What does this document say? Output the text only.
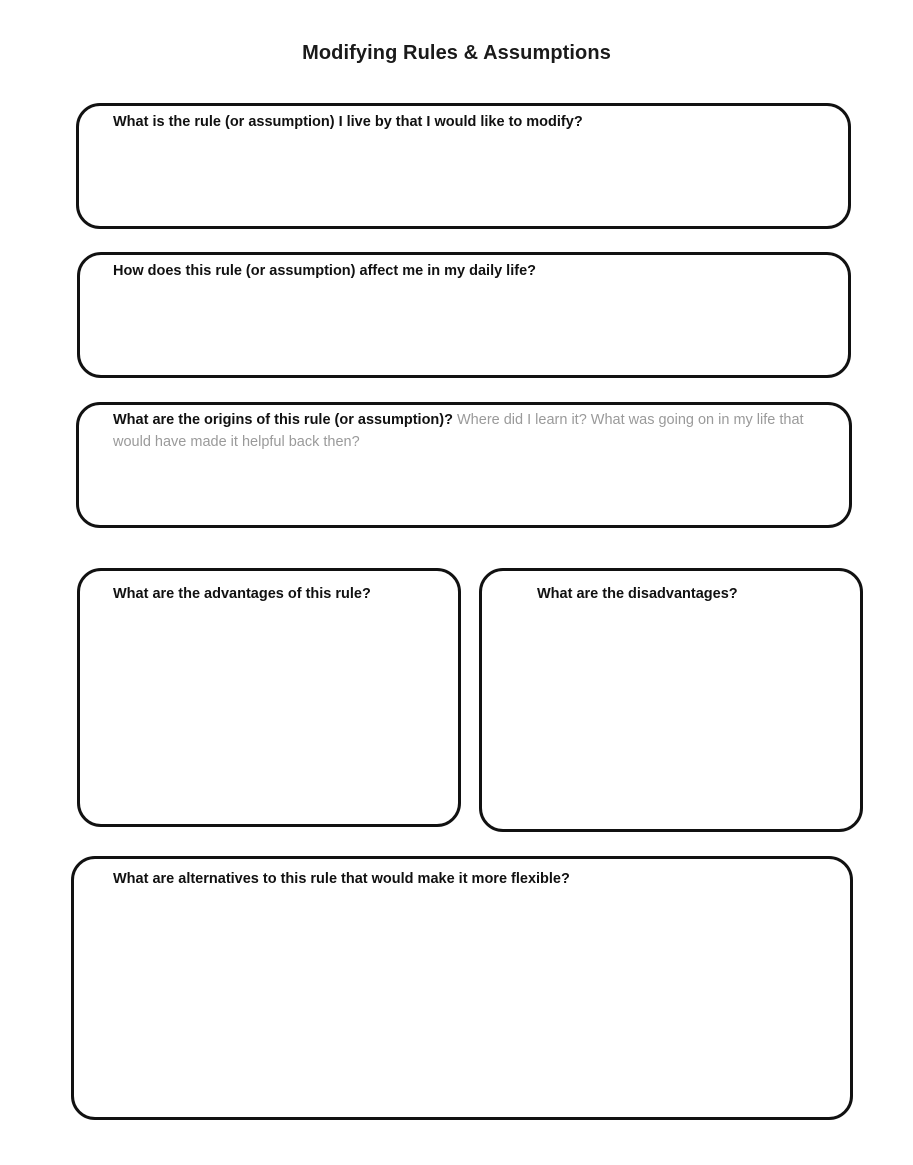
Modifying Rules & Assumptions
What is the rule (or assumption) I live by that I would like to modify?
How does this rule (or assumption) affect me in my daily life?
What are the origins of this rule (or assumption)? Where did I learn it? What was going on in my life that would have made it helpful back then?
What are the advantages of this rule?	What are the disadvantages?
What are alternatives to this rule that would make it more flexible?
